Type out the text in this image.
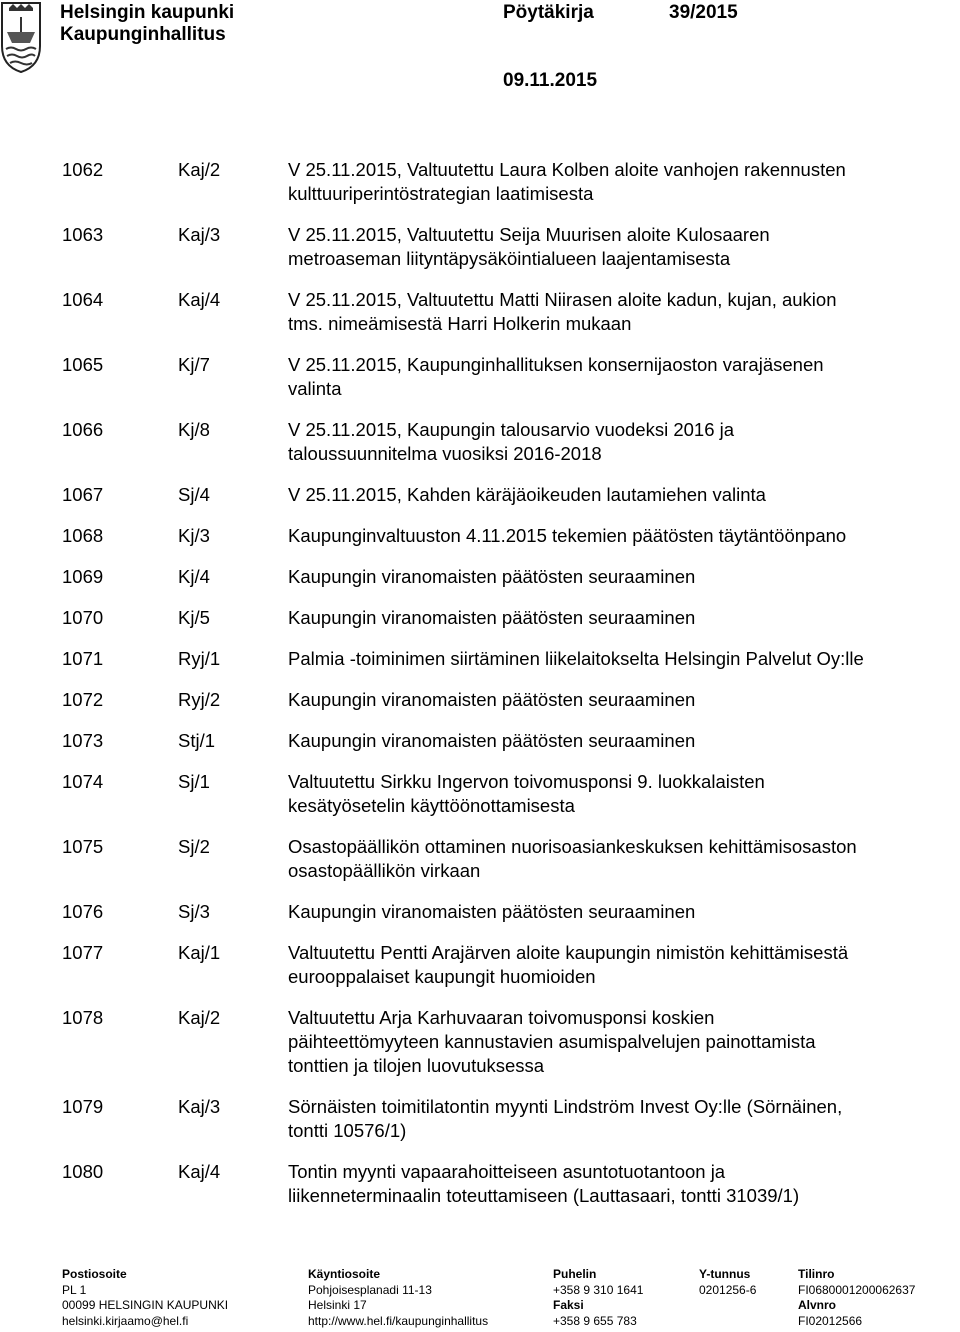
Helsingin kaupunki
Kaupunginhallitus
Pöytäkirja	39/2015
09.11.2015
1062	Kaj/2	V 25.11.2015, Valtuutettu Laura Kolben aloite vanhojen rakennusten
kulttuuriperintöstrategian laatimisesta
1063	Kaj/3	V 25.11.2015, Valtuutettu Seija Muurisen aloite Kulosaaren
metroaseman liityntäpysäköintialueen laajentamisesta
1064	Kaj/4	V 25.11.2015, Valtuutettu Matti Niirasen aloite kadun, kujan, aukion
tms. nimeämisestä Harri Holkerin mukaan
1065	Kj/7	V 25.11.2015, Kaupunginhallituksen konsernijaoston varajäsenen
valinta
1066	Kj/8	V 25.11.2015, Kaupungin talousarvio vuodeksi 2016 ja
taloussuunnitelma vuosiksi 2016-2018
1067	Sj/4	V 25.11.2015, Kahden käräjäoikeuden lautamiehen valinta
1068	Kj/3	Kaupunginvaltuuston 4.11.2015 tekemien päätösten täytäntöönpano
1069	Kj/4	Kaupungin viranomaisten päätösten seuraaminen
1070	Kj/5	Kaupungin viranomaisten päätösten seuraaminen
1071	Ryj/1	Palmia -toiminimen siirtäminen liikelaitokselta Helsingin Palvelut Oy:lle
1072	Ryj/2	Kaupungin viranomaisten päätösten seuraaminen
1073	Stj/1	Kaupungin viranomaisten päätösten seuraaminen
1074	Sj/1	Valtuutettu Sirkku Ingervon toivomusponsi 9. luokkalaisten
kesätyösetelin käyttöönottamisesta
1075	Sj/2	Osastopäällikön ottaminen nuorisoasiankeskuksen kehittämisosaston
osastopäällikön virkaan
1076	Sj/3	Kaupungin viranomaisten päätösten seuraaminen
1077	Kaj/1	Valtuutettu Pentti Arajärven aloite kaupungin nimistön kehittämisestä
eurooppalaiset kaupungit huomioiden
1078	Kaj/2	Valtuutettu Arja Karhuvaaran toivomusponsi koskien
päihteettömyyteen kannustavien asumispalvelujen painottamista
tonttien ja tilojen luovutuksessa
1079	Kaj/3	Sörnäisten toimitilatontin myynti Lindström Invest Oy:lle (Sörnäinen,
tontti 10576/1)
1080	Kaj/4	Tontin myynti vapaarahoitteiseen asuntotuotantoon ja
liikenneterminaalin toteuttamiseen (Lauttasaari, tontti 31039/1)
Postiosoite
PL 1
00099 HELSINGIN KAUPUNKI
helsinki.kirjaamo@hel.fi
Käyntiosoite
Pohjoisesplanadi 11-13
Helsinki 17
http://www.hel.fi/kaupunginhallitus
Puhelin
+358 9 310 1641
Faksi
+358 9 655 783
Y-tunnus
0201256-6
Tilinro
FI0680001200062637
Alvnro
FI02012566
